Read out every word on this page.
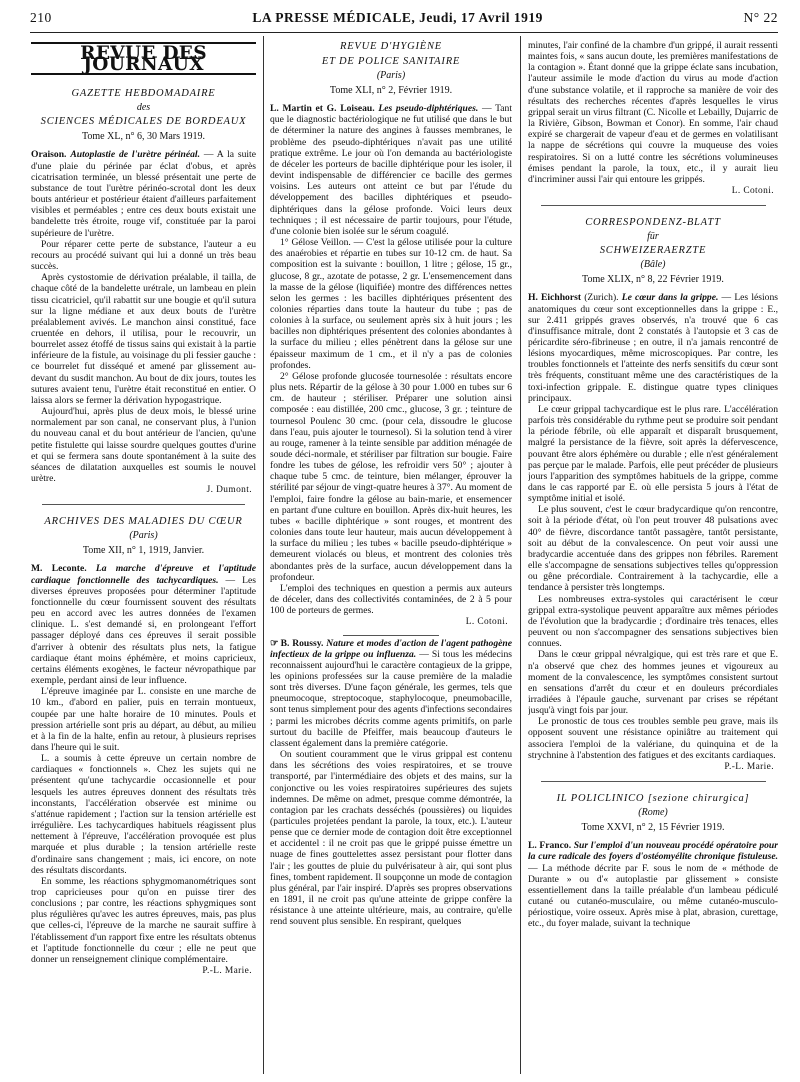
210	LA PRESSE MÉDICALE, Jeudi, 17 Avril 1919	N° 22
REVUE DES JOURNAUX
GAZETTE HEBDOMADAIRE
des
SCIENCES MÉDICALES DE BORDEAUX
Tome XL, n° 6, 30 Mars 1919.

Oraison. Autoplastie de l'urètre périnéal. — A la suite d'une plaie du périnée par éclat d'obus, et après cicatrisation terminée, un blessé présentait une perte de substance de tout l'urètre périnéo-scrotal dont les deux bouts antérieur et postérieur étaient d'ailleurs parfaitement visibles et perméables ; entre ces deux bouts existait une bandelette très étroite, rouge vif, constituée par la paroi supérieure de l'urètre.

Pour réparer cette perte de substance, l'auteur a eu recours au procédé suivant qui lui a donné un très beau succès.

Après cystostomie de dérivation préalable, il tailla, de chaque côté de la bandelette urétrale, un lambeau en plein tissu cicatriciel, qu'il rabattit sur une bougie et qu'il sutura sur la ligne médiane et aux deux bouts de l'urètre préalablement avivés. Le manchon ainsi constitué, face cruentée en dehors, il utilisa, pour le recouvrir, un bourrelet assez étoffé de tissus sains qui existait à la partie inférieure de la fistule, au voisinage du pli fessier gauche : ce bourrelet fut disséqué et amené par glissement au-devant du susdit manchon. Au bout de dix jours, toutes les sutures avaient tenu, l'urètre était reconstitué en entier. O laissa alors se fermer la dérivation hypogastrique.

Aujourd'hui, après plus de deux mois, le blessé urine normalement par son canal, ne conservant plus, à l'union du nouveau canal et du bout antérieur de l'ancien, qu'une petite fistulette qui laisse sourdre quelques gouttes d'urine et qui se fermera sans doute spontanément à la suite des séances de dilatation auxquelles est soumis le nouvel urètre.

J. Dumont.
ARCHIVES DES MALADIES DU CŒUR
(Paris)
Tome XII, n° 1, 1919, Janvier.

M. Leconte. La marche d'épreuve et l'aptitude cardiaque fonctionnelle des tachycardiques. — Les diverses épreuves proposées pour déterminer l'aptitude fonctionnelle du cœur fournissent souvent des résultats peu en accord avec les autres données de l'examen clinique. L. s'est demandé si, en prolongeant l'effort passager déployé dans ces épreuves il serait possible d'arriver à obtenir des résultats plus nets, la fatigue cardiaque étant moins éphémère, et moins capricieux, certains éléments exogènes, le facteur névropathique par exemple, perdant ainsi de leur influence.

L'épreuve imaginée par L. consiste en une marche de 10 km., d'abord en palier, puis en terrain montueux, coupée par une halte horaire de 10 minutes. Pouls et pression artérielle sont pris au départ, au début, au milieu et à la fin de la halte, enfin au retour, à plusieurs reprises dans l'heure qui le suit.

L. a soumis à cette épreuve un certain nombre de cardiaques « fonctionnels ». Chez les sujets qui ne présentent qu'une tachycardie occasionnelle et pour lesquels les autres épreuves donnent des résultats très inconstants, l'accélération observée est minime ou s'atténue rapidement ; l'action sur la tension artérielle est irrégulière. Les tachycardiques habituels réagissent plus nettement à l'épreuve, l'accélération provoquée est plus marquée et plus durable ; la tension artérielle reste d'ordinaire sans changement ; mais, ici encore, on note des résultats discordants.

En somme, les réactions sphygmomanométriques sont trop capricieuses pour qu'on en puisse tirer des conclusions ; par contre, les réactions sphygmiques sont plus régulières qu'avec les autres épreuves, mais, pas plus que celles-ci, l'épreuve de la marche ne saurait suffire à l'établissement d'un rapport fixe entre les résultats obtenus et l'aptitude fonctionnelle du cœur ; elle ne peut que donner un renseignement clinique complémentaire.

P.-L. Marie.
REVUE D'HYGIÈNE
ET DE POLICE SANITAIRE
(Paris)
Tome XLI, n° 2, Février 1919.

L. Martin et G. Loiseau. Les pseudo-diphtériques. — Tant que le diagnostic bactériologique ne fut utilisé que dans le but de déterminer la nature des angines à fausses membranes, le problème des pseudo-diphtériques n'avait pas une utilité pratique extrême. Le jour où l'on demanda au bactériologiste de déceler les porteurs de bacille diphtérique pour les isoler, il devint indispensable de différencier ce bacille des germes voisins. Les auteurs ont atteint ce but par l'étude du développement des bacilles diphtériques et pseudo-diphtériques dans la gélose profonde. Voici leurs deux techniques ; il est nécessaire de partir toujours, pour l'étude, d'une colonie bien isolée sur le sérum coagulé.

1° Gélose Veillon. — C'est la gélose utilisée pour la culture des anaérobies et répartie en tubes sur 10-12 cm. de haut. Sa composition est la suivante : bouillon, 1 litre ; gélose, 15 gr., glucose, 8 gr., azotate de potasse, 2 gr. L'ensemencement dans la masse de la gélose (liquifiée) montre des différences nettes selon les germes : les bacilles diphtériques présentent des colonies réparties dans toute la hauteur du tube ; pas de colonies à la surface, ou seulement après six à huit jours ; les bacilles non diphtériques présentent des colonies abondantes à la surface du milieu ; elles pénètrent dans la gélose sur une épaisseur maximum de 1 cm., et il n'y a pas de colonies profondes.

2° Gélose profonde glucosée tournesolée : résultats encore plus nets. Répartir de la gélose à 30 pour 1.000 en tubes sur 6 cm. de hauteur ; stériliser. Préparer une solution ainsi composée : eau distillée, 200 cmc., glucose, 3 gr. ; teinture de tournesol Poulenc 30 cmc. (pour cela, dissoudre le glucose dans l'eau, puis ajouter le tournesol). Si la solution tend à virer au rouge, ramener à la teinte sensible par addition ménagée de soude déci-normale, et stériliser par filtration sur bougie. Faire fondre les tubes de gélose, les refroidir vers 50° ; ajouter à chaque tube 5 cmc. de teinture, bien mélanger, éprouver la stérilité par séjour de vingt-quatre heures à 37°. Au moment de l'emploi, faire fondre la gélose au bain-marie, et ensemencer en partant d'une culture en bouillon. Après dix-huit heures, les tubes « bacille diphtérique » sont rouges, et montrent des colonies dans toute leur hauteur, mais aucun développement à la surface du milieu ; les tubes « bacille pseudo-diphtérique » demeurent violacés ou bleus, et montrent des colonies très abondantes près de la surface, aucun développement dans la profondeur.

L'emploi des techniques en question a permis aux auteurs de déceler, dans des collectivités contaminées, de 2 à 5 pour 100 de porteurs de germes.

L. Cotoni.

☞ B. Roussy. Nature et modes d'action de l'agent pathogène infectieux de la grippe ou influenza. — Si tous les médecins reconnaissent aujourd'hui le caractère contagieux de la grippe, les opinions professées sur la cause première de la maladie sont très diverses. D'une façon générale, les germes, tels que pneumocoque, streptocoque, staphylocoque, pneumobacille, sont tenus simplement pour des agents d'infections secondaires ; parmi les microbes décrits comme agents primitifs, on parle surtout du bacille de Pfeiffer, mais beaucoup d'auteurs le classent également dans la première catégorie.

On soutient couramment que le virus grippal est contenu dans les sécrétions des voies respiratoires, et se trouve transporté, par l'intermédiaire des objets et des mains, sur la conjonctive ou les voies respiratoires supérieures des sujets indemnes. De même on admet, presque comme démontrée, la contagion par les crachats desséchés (poussières) ou liquides (particules projetées pendant la parole, la toux, etc.). L'auteur pense que ce dernier mode de contagion doit être exceptionnel et accidentel : il ne croit pas que le grippé puisse émettre un nuage de fines gouttelettes assez persistant pour flotter dans l'air ; les gouttes de pluie du pulvérisateur à air, qui sont plus fines, tombent rapidement. Il soupçonne un mode de contagion plus général, par l'air inspiré. D'après ses propres observations en 1891, il ne croit pas qu'une atteinte de grippe confère la résistance à une atteinte ultérieure, mais, au contraire, qu'elle rend souvent plus sensible. En respirant, quelques

minutes, l'air confiné de la chambre d'un grippé, il aurait ressenti maintes fois, « sans aucun doute, les premières manifestations de la contagion ». Étant donné que la grippe éclate sans incubation, l'auteur assimile le mode d'action du virus au mode d'action d'une substance volatile, et il rapproche sa manière de voir des résultats des recherches récentes d'après lesquelles le virus grippal serait un virus filtrant (C. Nicolle et Lebailly, Dujarric de la Rivière, Gibson, Bowman et Conor). En somme, l'air chaud expiré se chargerait de vapeur d'eau et de germes en volatilisant la nappe de sécrétions qui couvre la muqueuse des voies respiratoires. Si on a lutté contre les sécrétions volumineuses émises pendant la parole, la toux, etc., il y aurait lieu d'incriminer aussi l'air qui entoure les grippés.

L. Cotoni.
CORRESPONDENZ-BLATT
für
SCHWEIZERAERZTE
(Bâle)
Tome XLIX, n° 8, 22 Février 1919.

H. Eichhorst (Zurich). Le cœur dans la grippe. — Les lésions anatomiques du cœur sont exceptionnelles dans la grippe : E., sur 2.411 grippés graves observés, n'a trouvé que 6 cas d'insuffisance mitrale, dont 2 constatés à l'autopsie et 3 cas de péricardite séro-fibrineuse ; en outre, il n'a jamais rencontré de lésions myocardiques, même microscopiques. Par contre, les troubles fonctionnels et l'atteinte des nerfs sensitifs du cœur sont très fréquents, constituant même une des caractéristiques de la toxi-infection grippale. E. distingue quatre types cliniques principaux.

Le cœur grippal tachycardique est le plus rare. L'accélération parfois très considérable du rythme peut se produire soit pendant la période fébrile, où elle apparaît et disparaît brusquement, malgré la persistance de la fièvre, soit après la défervescence, pouvant être alors éphémère ou durable ; elle n'est généralement pas perçue par le malade. Parfois, elle peut précéder de plusieurs jours l'apparition des symptômes habituels de la grippe, comme dans le cas rapporté par E. où elle persista 5 jours à l'état de symptôme initial et isolé.

Le plus souvent, c'est le cœur bradycardique qu'on rencontre, soit à la période d'état, où l'on peut trouver 48 pulsations avec 40° de fièvre, discordance tantôt passagère, tantôt persistante, soit au début de la convalescence. On peut voir aussi une bradycardie accentuée dans des grippes non fébriles. Rarement elle s'accompagne de sensations subjectives telles qu'oppression ou gêne précordiale. Contrairement à la tachycardie, elle a tendance à persister très longtemps.

Les nombreuses extra-systoles qui caractérisent le cœur grippal extra-systolique peuvent apparaître aux mêmes périodes de l'évolution que la bradycardie ; d'ordinaire très tenaces, elles peuvent ou non s'accompagner des sensations subjectives bien connues.

Dans le cœur grippal névralgique, qui est très rare et que E. n'a observé que chez des hommes jeunes et vigoureux au moment de la convalescence, les symptômes consistent surtout en sensations d'arrêt du cœur et en douleurs précordiales irradiées à l'épaule gauche, survenant par crises se répétant jusqu'à vingt fois par jour.

Le pronostic de tous ces troubles semble peu grave, mais ils opposent souvent une résistance opiniâtre au traitement qui associera l'emploi de la valériane, du quinquina et de la strychnine à l'abstention des fatigues et des excitants cardiaques.

P.-L. Marie.
IL POLICLINICO [sezione chirurgica]
(Rome)
Tome XXVI, n° 2, 15 Février 1919.

L. Franco. Sur l'emploi d'un nouveau procédé opératoire pour la cure radicale des foyers d'ostéomyélite chronique fistuleuse. — La méthode décrite par F. sous le nom de « méthode de Durante » ou d'« autoplastie par glissement » consiste essentiellement dans la taille préalable d'un lambeau pédiculé cutané ou cutanéo-musculaire, ou même cutanéo-musculo-périostique, voire osseux. Après mise à plat, abrasion, curettage, etc., du foyer malade, suivant la technique
